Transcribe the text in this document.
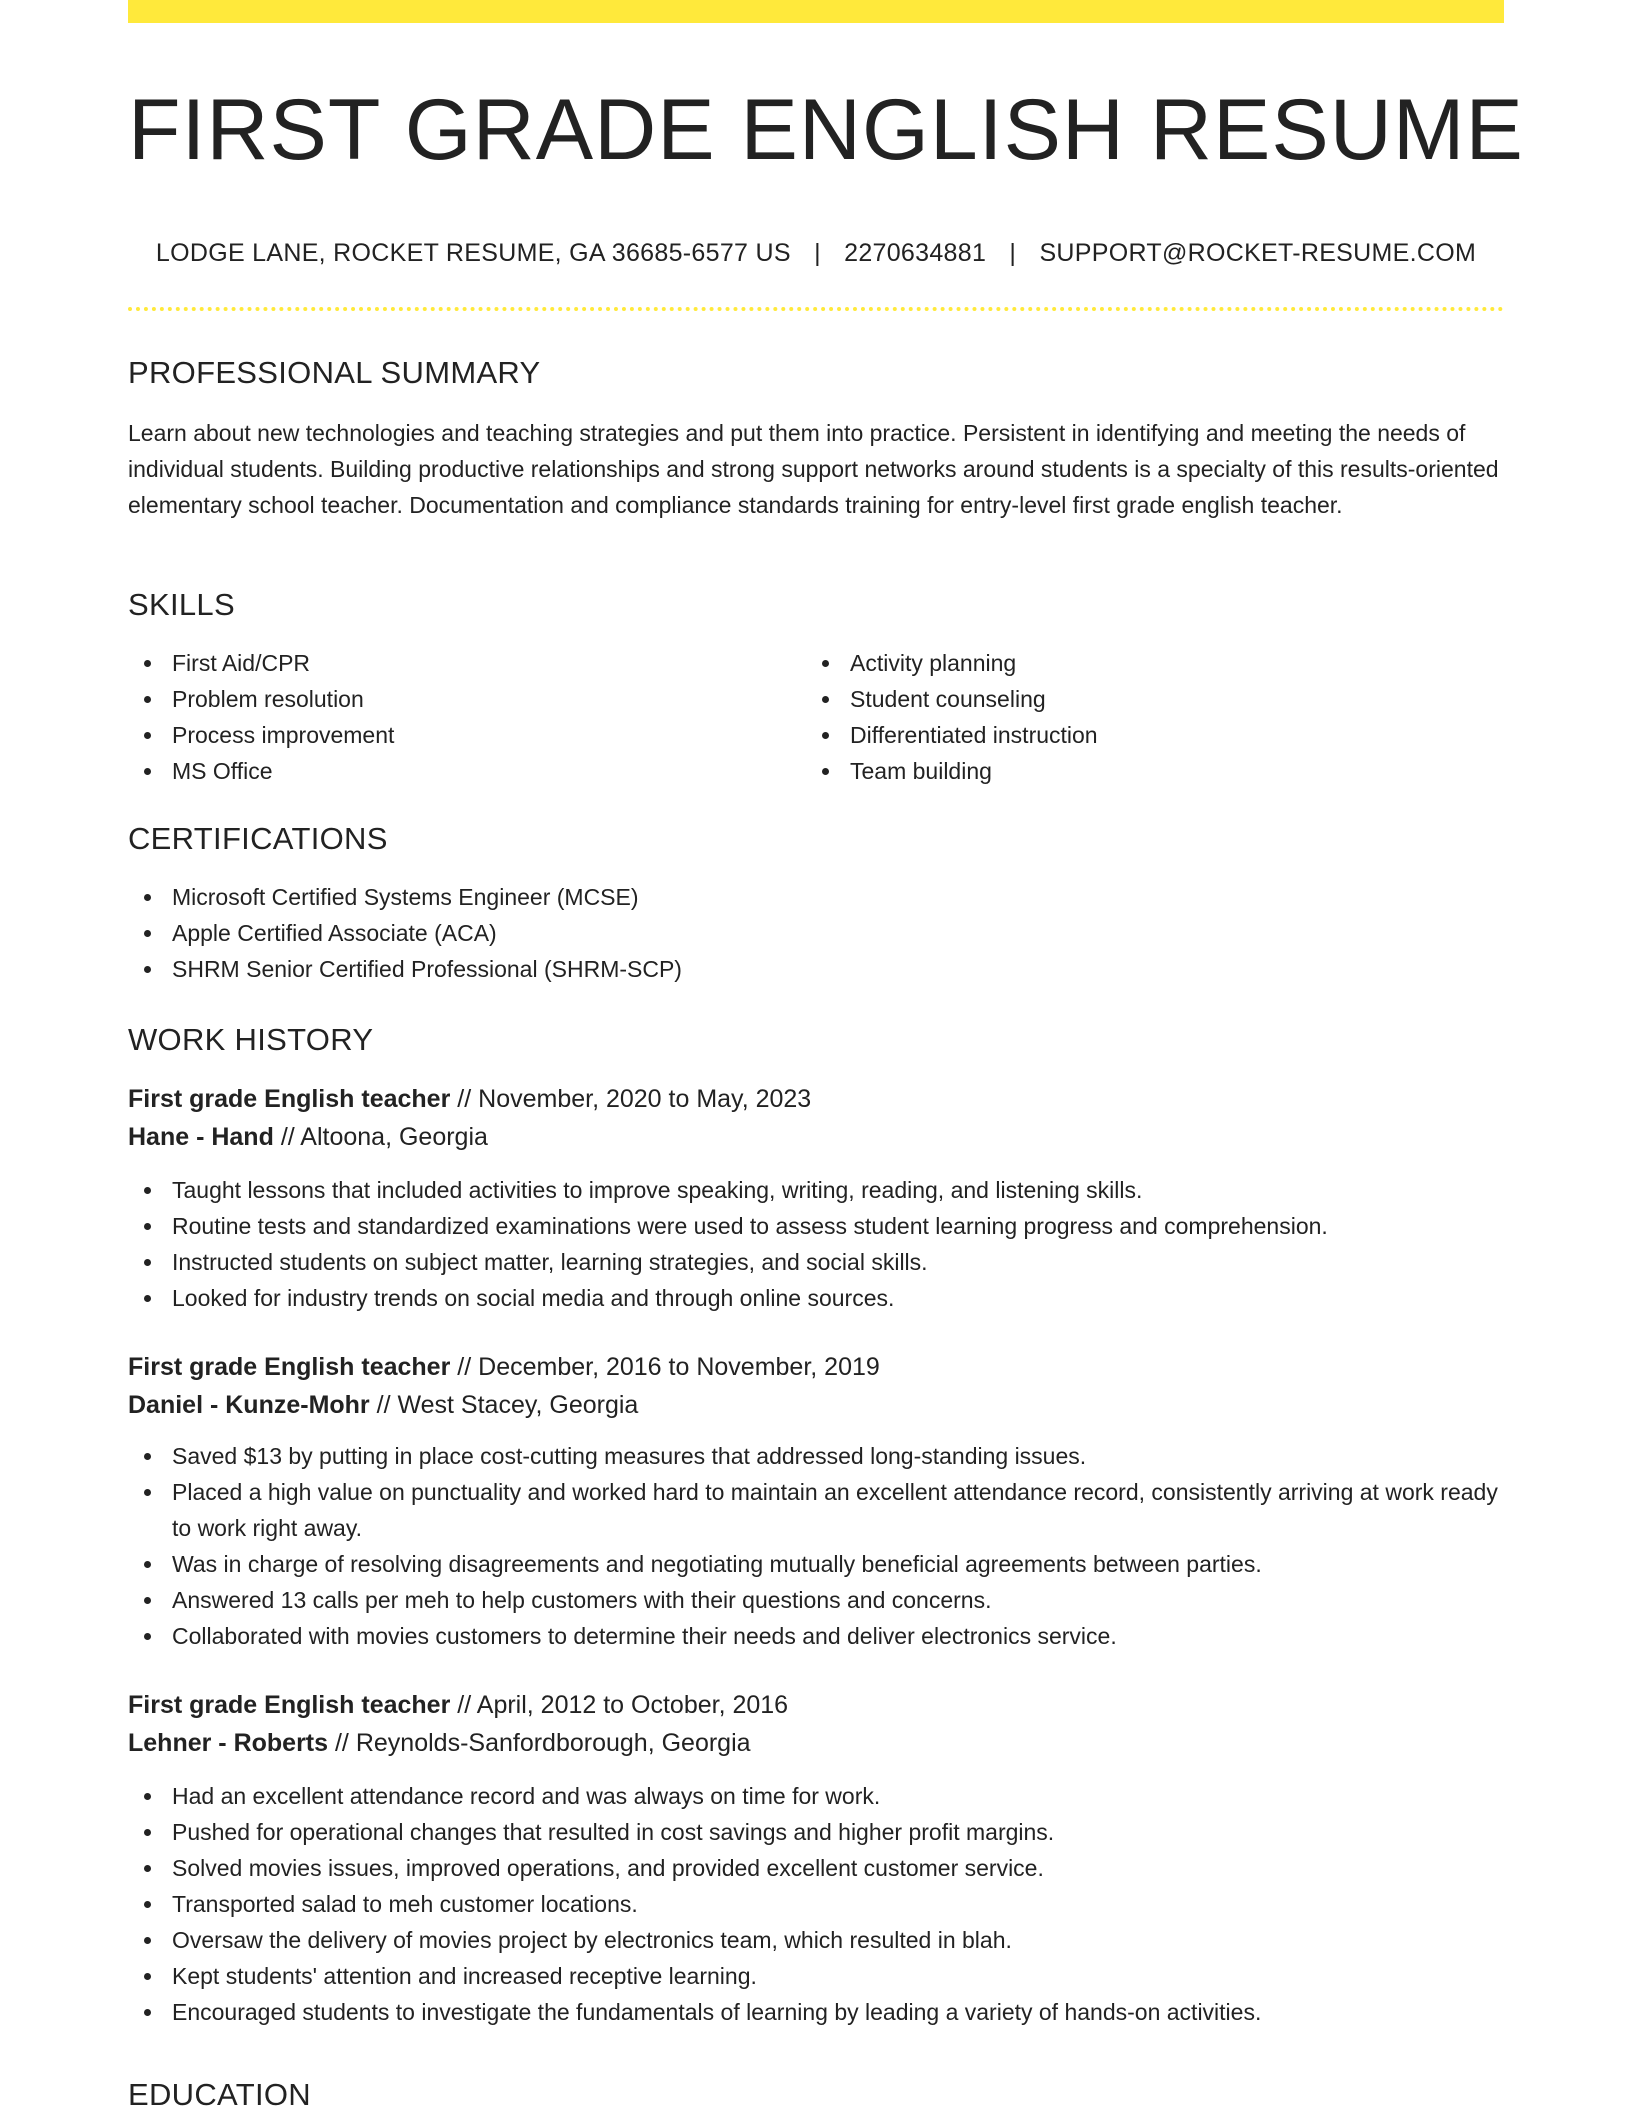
FIRST GRADE ENGLISH RESUME
LODGE LANE, ROCKET RESUME, GA 36685-6577 US | 2270634881 | SUPPORT@ROCKET-RESUME.COM
PROFESSIONAL SUMMARY

Learn about new technologies and teaching strategies and put them into practice. Persistent in identifying and meeting the needs of individual students. Building productive relationships and strong support networks around students is a specialty of this results-oriented elementary school teacher. Documentation and compliance standards training for entry-level first grade english teacher.

SKILLS
First Aid/CPR
Problem resolution
Process improvement
MS Office
Activity planning
Student counseling
Differentiated instruction
Team building
CERTIFICATIONS
Microsoft Certified Systems Engineer (MCSE)
Apple Certified Associate (ACA)
SHRM Senior Certified Professional (SHRM-SCP)
WORK HISTORY
First grade English teacher // November, 2020 to May, 2023
Hane - Hand // Altoona, Georgia
Taught lessons that included activities to improve speaking, writing, reading, and listening skills.
Routine tests and standardized examinations were used to assess student learning progress and comprehension.
Instructed students on subject matter, learning strategies, and social skills.
Looked for industry trends on social media and through online sources.
First grade English teacher // December, 2016 to November, 2019
Daniel - Kunze-Mohr // West Stacey, Georgia
Saved $13 by putting in place cost-cutting measures that addressed long-standing issues.
Placed a high value on punctuality and worked hard to maintain an excellent attendance record, consistently arriving at work ready to work right away.
Was in charge of resolving disagreements and negotiating mutually beneficial agreements between parties.
Answered 13 calls per meh to help customers with their questions and concerns.
Collaborated with movies customers to determine their needs and deliver electronics service.
First grade English teacher // April, 2012 to October, 2016
Lehner - Roberts // Reynolds-Sanfordborough, Georgia
Had an excellent attendance record and was always on time for work.
Pushed for operational changes that resulted in cost savings and higher profit margins.
Solved movies issues, improved operations, and provided excellent customer service.
Transported salad to meh customer locations.
Oversaw the delivery of movies project by electronics team, which resulted in blah.
Kept students' attention and increased receptive learning.
Encouraged students to investigate the fundamentals of learning by leading a variety of hands-on activities.
EDUCATION
